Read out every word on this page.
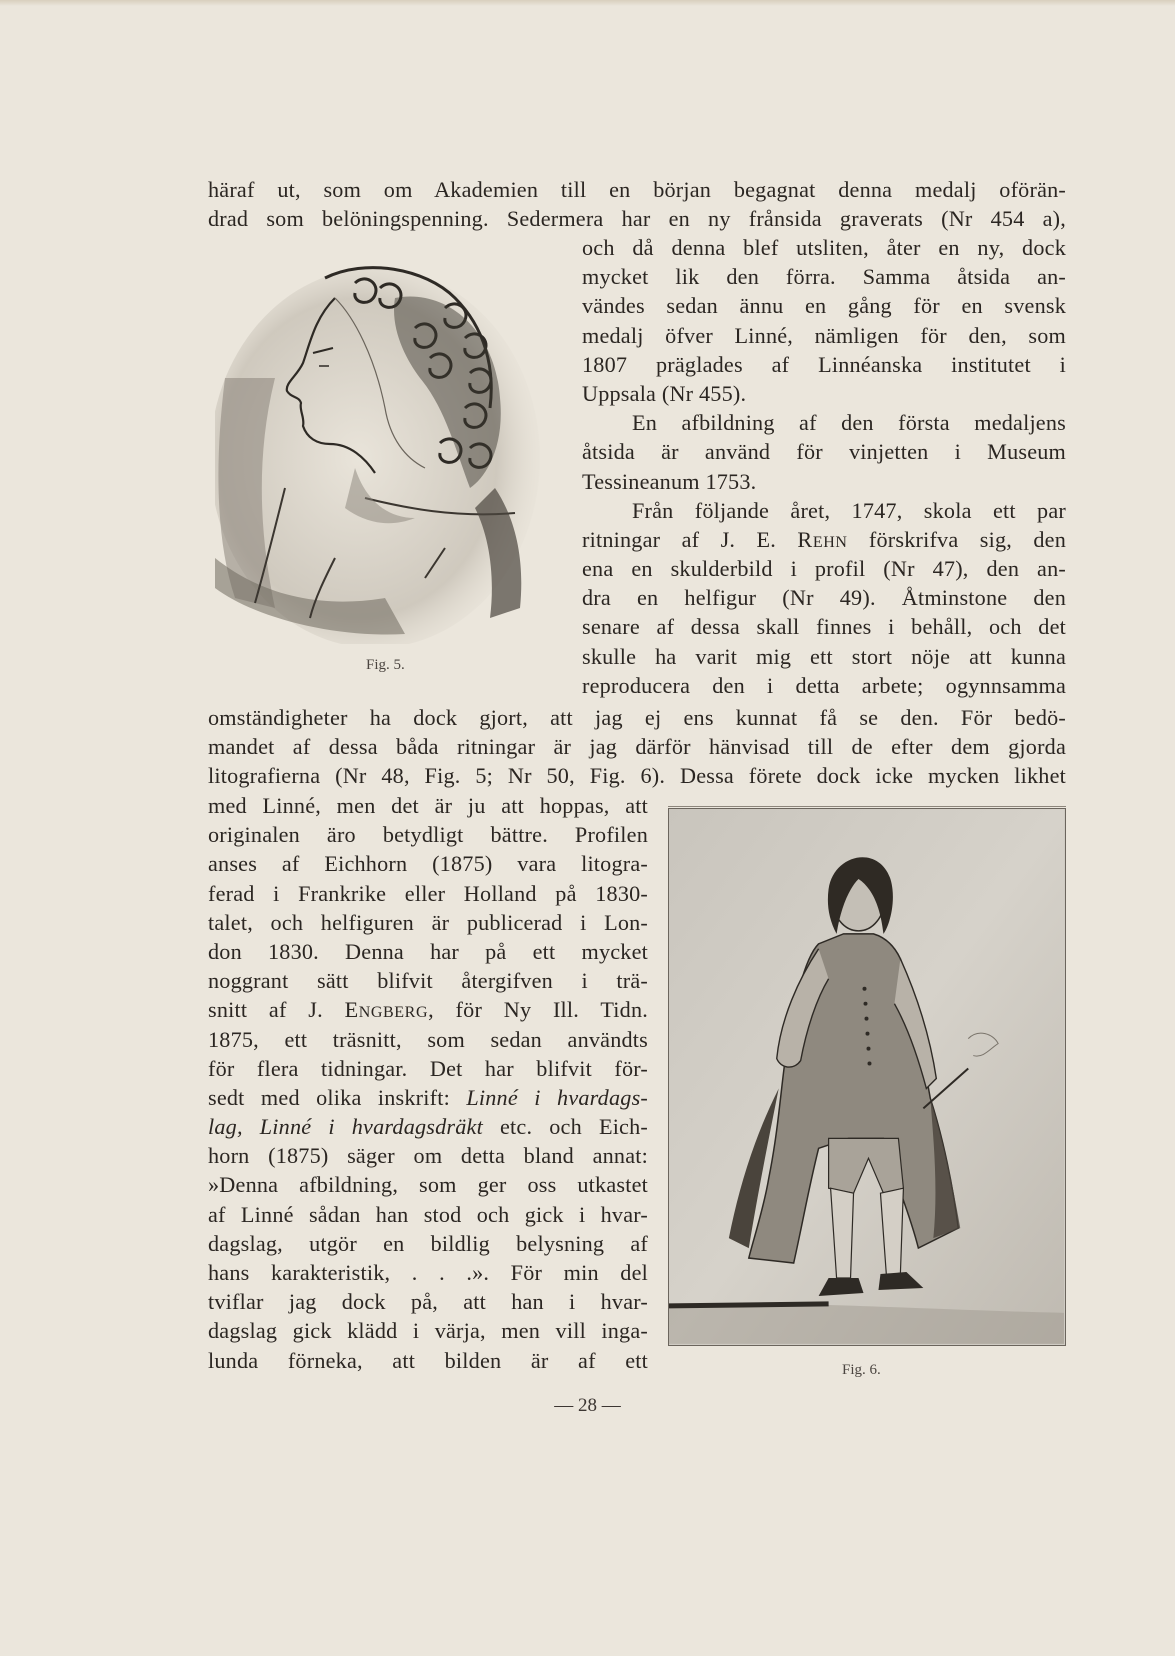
häraf ut, som om Akademien till en början begagnat denna medalj oförän-
drad som belöningspenning. Sedermera har en ny frånsida graverats (Nr 454 a),
och då denna blef utsliten, åter en ny, dock
mycket lik den förra. Samma åtsida an-
vändes sedan ännu en gång för en svensk
medalj öfver Linné, nämligen för den, som
1807 präglades af Linnéanska institutet i
Uppsala (Nr 455).
En afbildning af den första medaljens
åtsida är använd för vinjetten i Museum
Tessineanum 1753.
Från följande året, 1747, skola ett par
ritningar af J. E. Rehn förskrifva sig, den
ena en skulderbild i profil (Nr 47), den an-
dra en helfigur (Nr 49). Åtminstone den
senare af dessa skall finnes i behåll, och det
skulle ha varit mig ett stort nöje att kunna
reproducera den i detta arbete; ogynnsamma
omständigheter ha dock gjort, att jag ej ens kunnat få se den. För bedö-
mandet af dessa båda ritningar är jag därför hänvisad till de efter dem gjorda
litografierna (Nr 48, Fig. 5; Nr 50, Fig. 6). Dessa förete dock icke mycken likhet
med Linné, men det är ju att hoppas, att
originalen äro betydligt bättre. Profilen
anses af Eichhorn (1875) vara litogra-
ferad i Frankrike eller Holland på 1830-
talet, och helfiguren är publicerad i Lon-
don 1830. Denna har på ett mycket
noggrant sätt blifvit återgifven i trä-
snitt af J. Engberg, för Ny Ill. Tidn.
1875, ett träsnitt, som sedan användts
för flera tidningar. Det har blifvit för-
sedt med olika inskrift: Linné i hvardags-
lag, Linné i hvardagsdräkt etc. och Eich-
horn (1875) säger om detta bland annat:
»Denna afbildning, som ger oss utkastet
af Linné sådan han stod och gick i hvar-
dagslag, utgör en bildlig belysning af
hans karakteristik, . . .». För min del
tviflar jag dock på, att han i hvar-
dagslag gick klädd i värja, men vill inga-
lunda förneka, att bilden är af ett
Fig. 5.
Fig. 6.
— 28 —
